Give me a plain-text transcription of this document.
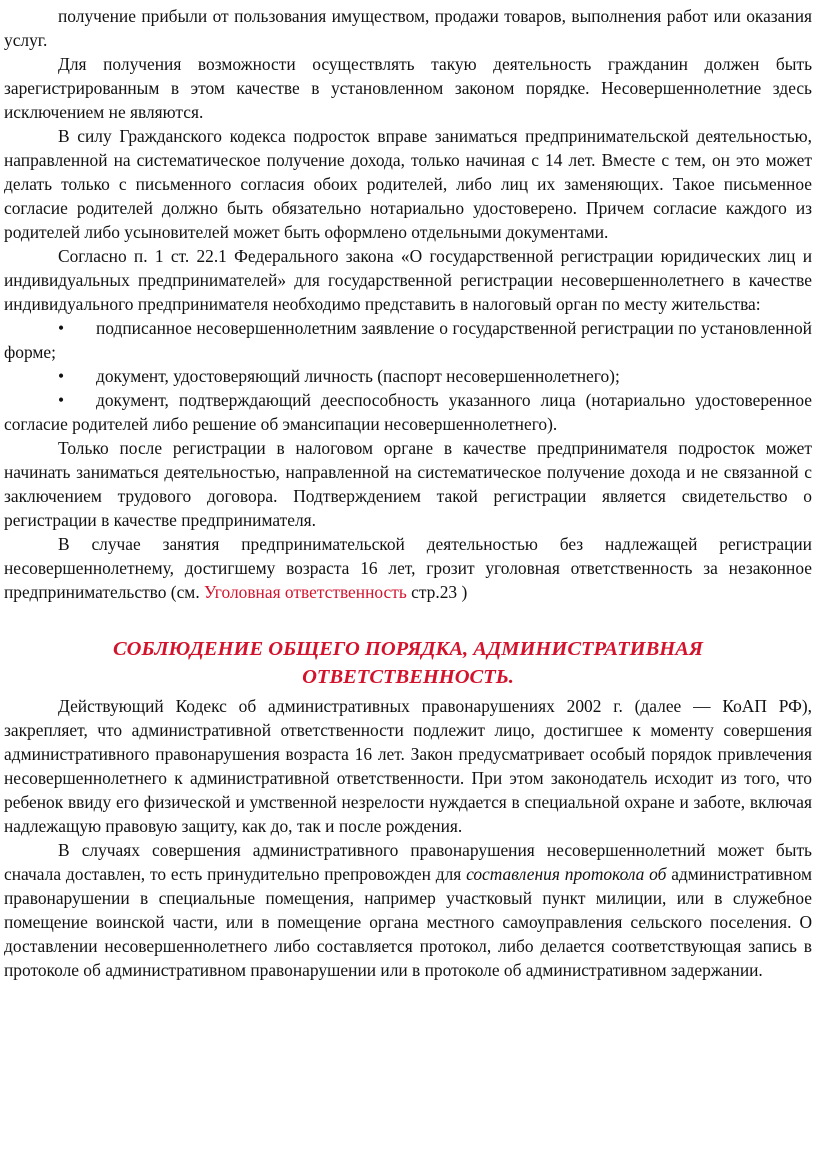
получение прибыли от пользования имуществом, продажи товаров, выполнения работ или оказания услуг.

Для получения возможности осуществлять такую деятельность гражданин должен быть зарегистрированным в этом качестве в установленном законом порядке. Несовершеннолетние здесь исключением не являются.

В силу Гражданского кодекса подросток вправе заниматься предпринимательской деятельностью, направленной на систематическое получение дохода, только начиная с 14 лет. Вместе с тем, он это может делать только с письменного согласия обоих родителей, либо лиц их заменяющих. Такое письменное согласие родителей должно быть обязательно нотариально удостоверено. Причем согласие каждого из родителей либо усыновителей может быть оформлено отдельными документами.

Согласно п. 1 ст. 22.1 Федерального закона «О государственной регистрации юридических лиц и индивидуальных предпринимателей» для государственной регистрации несовершеннолетнего в качестве индивидуального предпринимателя необходимо представить в налоговый орган по месту жительства:

• подписанное несовершеннолетним заявление о государственной регистрации по установленной форме;

• документ, удостоверяющий личность (паспорт несовершеннолетнего);

• документ, подтверждающий дееспособность указанного лица (нотариально удостоверенное согласие родителей либо решение об эмансипации несовершеннолетнего).

Только после регистрации в налоговом органе в качестве предпринимателя подросток может начинать заниматься деятельностью, направленной на систематическое получение дохода и не связанной с заключением трудового договора. Подтверждением такой регистрации является свидетельство о регистрации в качестве предпринимателя.

В случае занятия предпринимательской деятельностью без надлежащей регистрации несовершеннолетнему, достигшему возраста 16 лет, грозит уголовная ответственность за незаконное предпринимательство (см. Уголовная ответственность стр.23 )

СОБЛЮДЕНИЕ ОБЩЕГО ПОРЯДКА, АДМИНИСТРАТИВНАЯ
ОТВЕТСТВЕННОСТЬ.

Действующий Кодекс об административных правонарушениях 2002 г. (далее — КоАП РФ), закрепляет, что административной ответственности подлежит лицо, достигшее к моменту совершения административного правонарушения возраста 16 лет. Закон предусматривает особый порядок привлечения несовершеннолетнего к административной ответственности. При этом законодатель исходит из того, что ребенок ввиду его физической и умственной незрелости нуждается в специальной охране и заботе, включая надлежащую правовую защиту, как до, так и после рождения.

В случаях совершения административного правонарушения несовершеннолетний может быть сначала доставлен, то есть принудительно препровожден для составления протокола об административном правонарушении в специальные помещения, например участковый пункт милиции, или в служебное помещение воинской части, или в помещение органа местного самоуправления сельского поселения. О доставлении несовершеннолетнего либо составляется протокол, либо делается соответствующая запись в протоколе об административном правонарушении или в протоколе об административном задержании.
